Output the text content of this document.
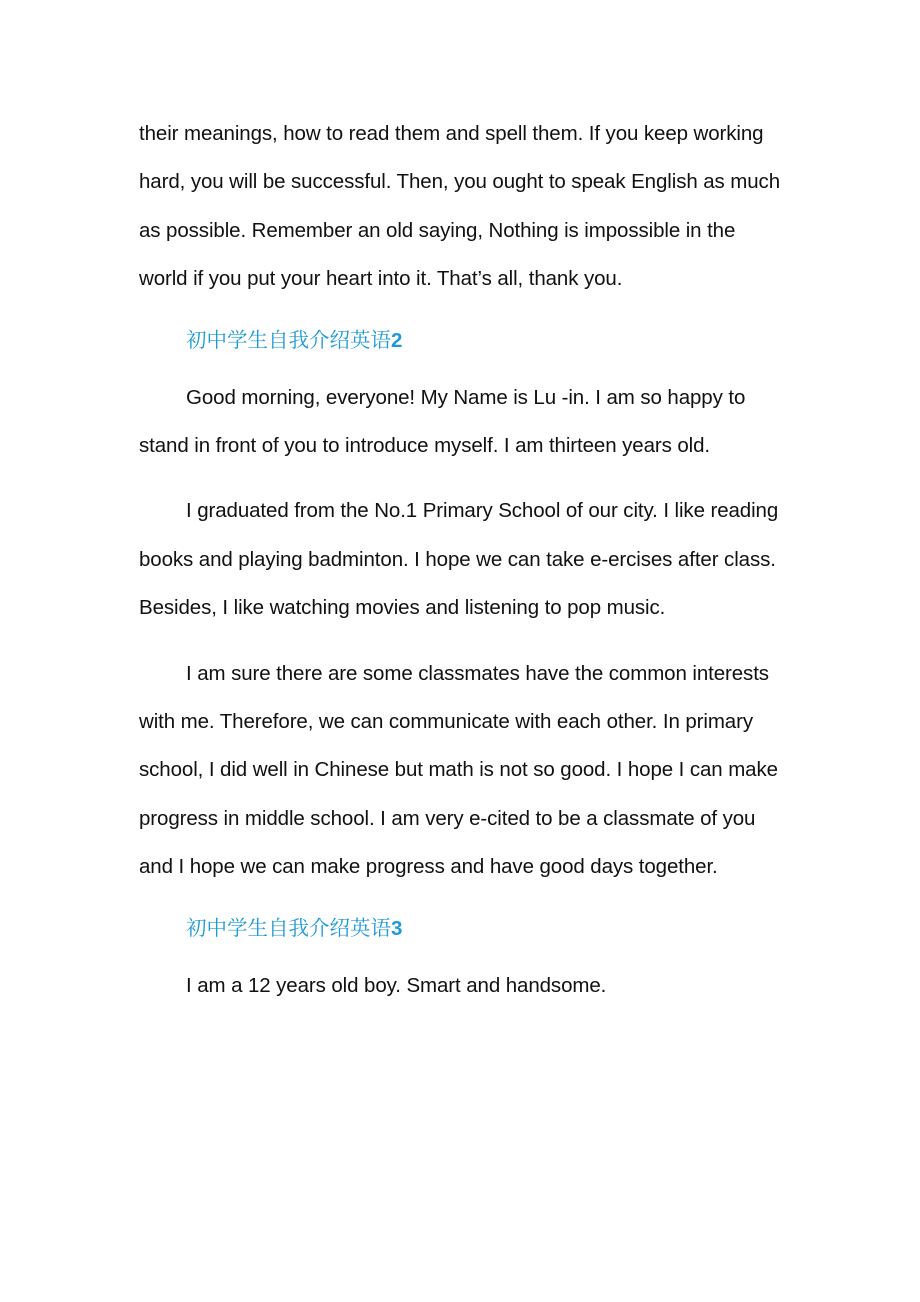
their meanings, how to read them and spell them. If you keep working hard, you will be successful. Then, you ought to speak English as much as possible. Remember an old saying, Nothing is impossible in the world if you put your heart into it. That’s all, thank you.

初中学生自我介绍英语2

Good morning, everyone! My Name is Lu -in. I am so happy to stand in front of you to introduce myself. I am thirteen years old.

I graduated from the No.1 Primary School of our city. I like reading books and playing badminton. I hope we can take e-ercises after class. Besides, I like watching movies and listening to pop music.

I am sure there are some classmates have the common interests with me. Therefore, we can communicate with each other. In primary school, I did well in Chinese but math is not so good. I hope I can make progress in middle school. I am very e-cited to be a classmate of you and I hope we can make progress and have good days together.

初中学生自我介绍英语3

I am a 12 years old boy. Smart and handsome.
